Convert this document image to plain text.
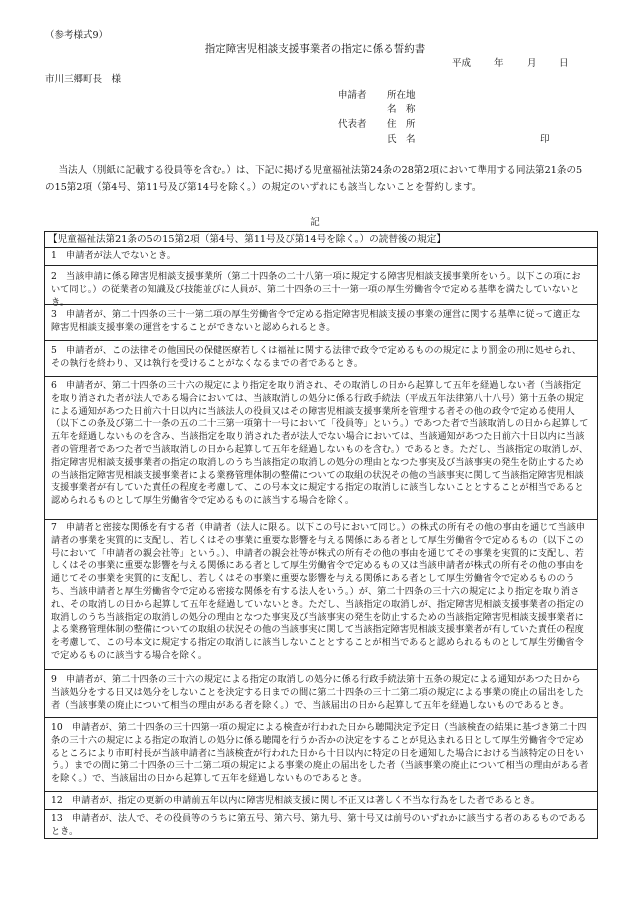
（参考様式9）
指定障害児相談支援事業者の指定に係る誓約書
平成 年 月 日
市川三郷町長　様
申請者 所在地
名　称
代表者 住　所
氏　名	印
当法人（別紙に記載する役員等を含む。）は、下記に掲げる児童福祉法第24条の28第2項において準用する同法第21条の5の15第2項（第4号、第11号及び第14号を除く。）の規定のいずれにも該当しないことを誓約します。
記
【児童福祉法第21条の5の15第2項（第4号、第11号及び第14号を除く。）の読替後の規定】
1　申請者が法人でないとき。
2　当該申請に係る障害児相談支援事業所（第二十四条の二十八第一項に規定する障害児相談支援事業所をいう。以下この項において同じ。）の従業者の知識及び技能並びに人員が、第二十四条の三十一第一項の厚生労働省令で定める基準を満たしていないとき。
3　申請者が、第二十四条の三十一第二項の厚生労働省令で定める指定障害児相談支援の事業の運営に関する基準に従って適正な障害児相談支援事業の運営をすることができないと認められるとき。
5　申請者が、この法律その他国民の保健医療若しくは福祉に関する法律で政令で定めるものの規定により罰金の刑に処せられ、その執行を終わり、又は執行を受けることがなくなるまでの者であるとき。
6　申請者が、第二十四条の三十六の規定により指定を取り消され、その取消しの日から起算して五年を経過しない者（当該指定を取り消された者が法人である場合においては、当該取消しの処分に係る行政手続法（平成五年法律第八十八号）第十五条の規定による通知があつた日前六十日以内に当該法人の役員又はその障害児相談支援事業所を管理する者その他の政令で定める使用人（以下この条及び第二十一条の五の二十三第一項第十一号において「役員等」という。）であつた者で当該取消しの日から起算して五年を経過しないものを含み、当該指定を取り消された者が法人でない場合においては、当該通知があつた日前六十日以内に当該者の管理者であつた者で当該取消しの日から起算して五年を経過しないものを含む。）であるとき。ただし、当該指定の取消しが、指定障害児相談支援事業者の指定の取消しのうち当該指定の取消しの処分の理由となつた事実及び当該事実の発生を防止するための当該指定障害児相談支援事業者による業務管理体制の整備についての取組の状況その他の当該事実に関して当該指定障害児相談支援事業者が有していた責任の程度を考慮して、この号本文に規定する指定の取消しに該当しないこととすることが相当であると認められるものとして厚生労働省令で定めるものに該当する場合を除く。
7　申請者と密接な関係を有する者（申請者（法人に限る。以下この号において同じ。）の株式の所有その他の事由を通じて当該申請者の事業を実質的に支配し、若しくはその事業に重要な影響を与える関係にある者として厚生労働省令で定めるもの（以下この号において「申請者の親会社等」という。）、申請者の親会社等が株式の所有その他の事由を通じてその事業を実質的に支配し、若しくはその事業に重要な影響を与える関係にある者として厚生労働省令で定めるもの又は当該申請者が株式の所有その他の事由を通じてその事業を実質的に支配し、若しくはその事業に重要な影響を与える関係にある者として厚生労働省令で定めるもののうち、当該申請者と厚生労働省令で定める密接な関係を有する法人をいう。）が、第二十四条の三十六の規定により指定を取り消され、その取消しの日から起算して五年を経過していないとき。ただし、当該指定の取消しが、指定障害児相談支援事業者の指定の取消しのうち当該指定の取消しの処分の理由となつた事実及び当該事実の発生を防止するための当該指定障害児相談支援事業者による業務管理体制の整備についての取組の状況その他の当該事実に関して当該指定障害児相談支援事業者が有していた責任の程度を考慮して、この号本文に規定する指定の取消しに該当しないこととすることが相当であると認められるものとして厚生労働省令で定めるものに該当する場合を除く。
9　申請者が、第二十四条の三十六の規定による指定の取消しの処分に係る行政手続法第十五条の規定による通知があつた日から当該処分をする日又は処分をしないことを決定する日までの間に第二十四条の三十二第二項の規定による事業の廃止の届出をした者（当該事業の廃止について相当の理由がある者を除く。）で、当該届出の日から起算して五年を経過しないものであるとき。
10　申請者が、第二十四条の三十四第一項の規定による検査が行われた日から聴聞決定予定日（当該検査の結果に基づき第二十四条の三十六の規定による指定の取消しの処分に係る聴聞を行うか否かの決定をすることが見込まれる日として厚生労働省令で定めるところにより市町村長が当該申請者に当該検査が行われた日から十日以内に特定の日を通知した場合における当該特定の日をいう。）までの間に第二十四条の三十二第二項の規定による事業の廃止の届出をした者（当該事業の廃止について相当の理由がある者を除く。）で、当該届出の日から起算して五年を経過しないものであるとき。
12　申請者が、指定の更新の申請前五年以内に障害児相談支援に関し不正又は著しく不当な行為をした者であるとき。
13　申請者が、法人で、その役員等のうちに第五号、第六号、第九号、第十号又は前号のいずれかに該当する者のあるものであるとき。
